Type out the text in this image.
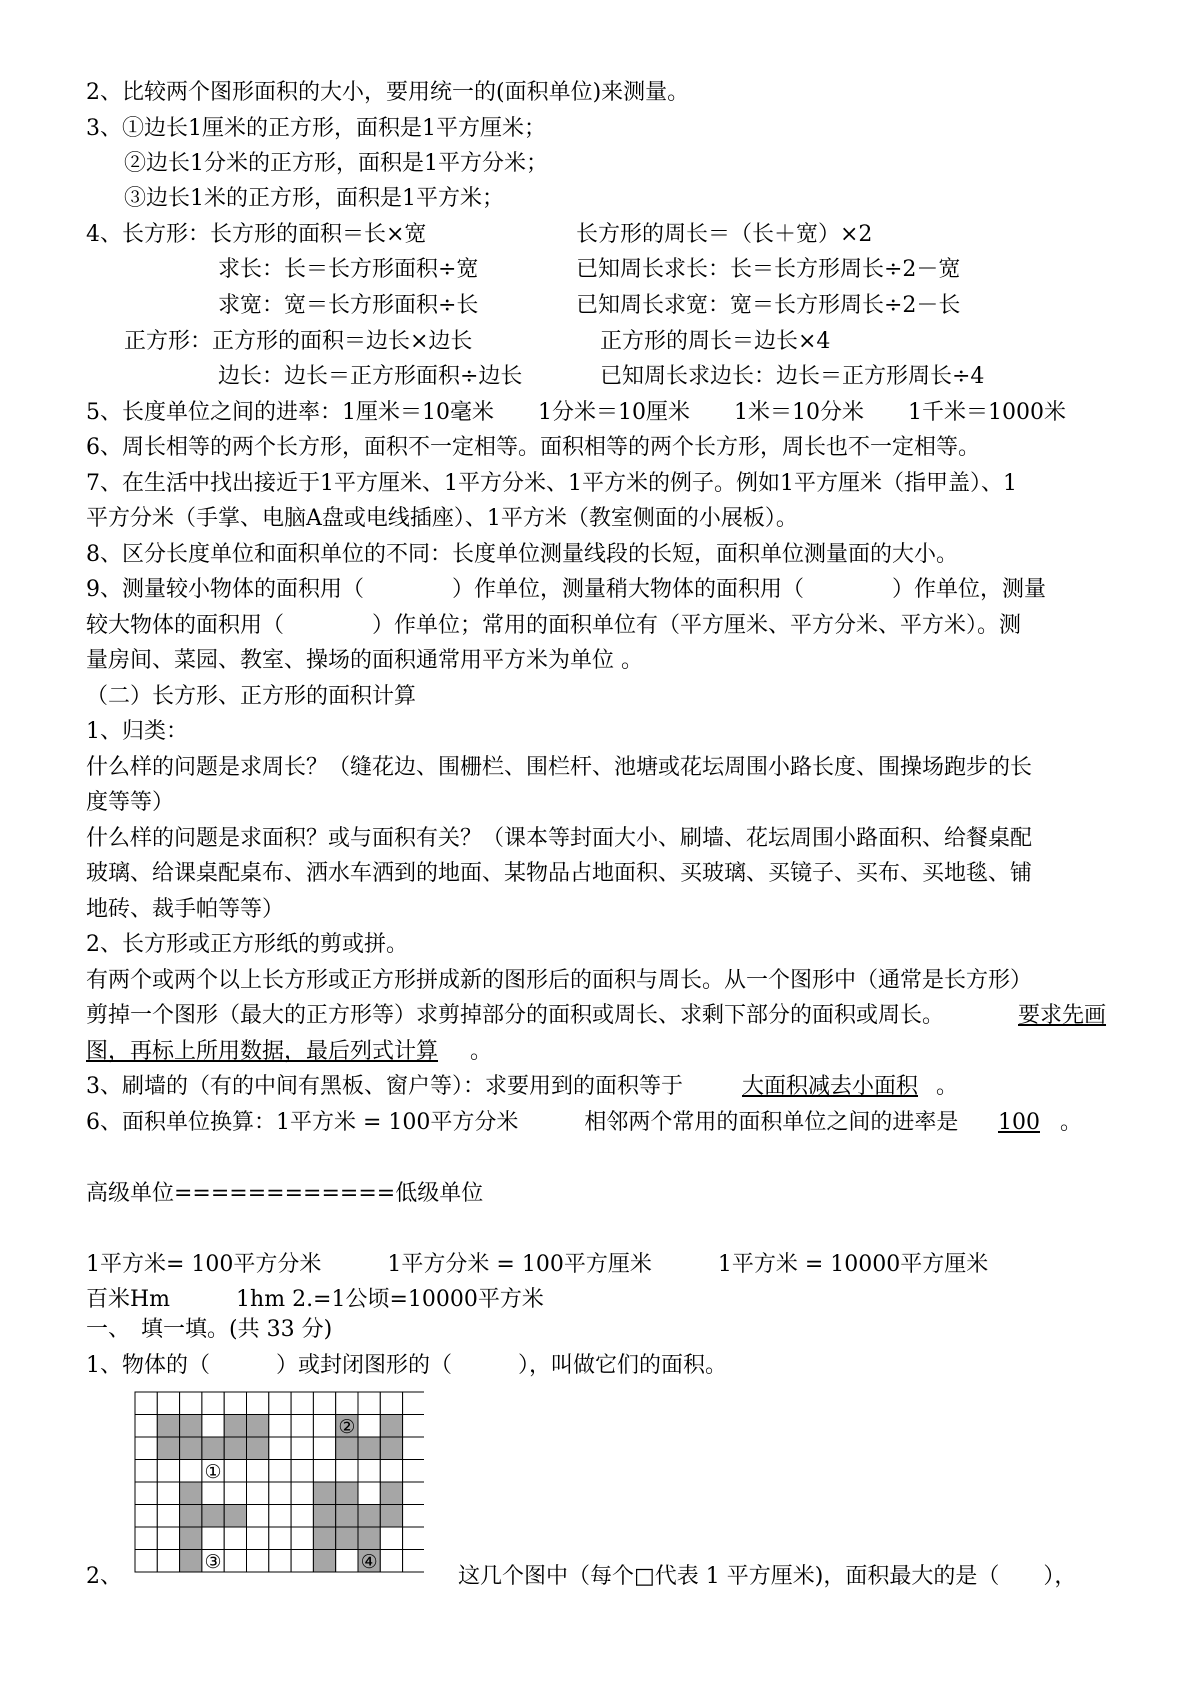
2、比较两个图形面积的大小，要用统一的(面积单位)来测量。
3、①边长1厘米的正方形，面积是1平方厘米；
②边长1分米的正方形，面积是1平方分米；
③边长1米的正方形，面积是1平方米；
4、长方形：长方形的面积＝长×宽	长方形的周长＝（长＋宽）×2
求长：长＝长方形面积÷宽	已知周长求长：长＝长方形周长÷2－宽
求宽：宽＝长方形面积÷长	已知周长求宽：宽＝长方形周长÷2－长
正方形：正方形的面积＝边长×边长	正方形的周长＝边长×4
边长：边长＝正方形面积÷边长	已知周长求边长：边长＝正方形周长÷4
5、长度单位之间的进率：1厘米＝10毫米　　1分米＝10厘米　　1米＝10分米　　1千米＝1000米
6、周长相等的两个长方形，面积不一定相等。面积相等的两个长方形，周长也不一定相等。
7、在生活中找出接近于1平方厘米、1平方分米、1平方米的例子。例如1平方厘米（指甲盖）、1
平方分米（手掌、电脑A盘或电线插座）、1平方米（教室侧面的小展板）。
8、区分长度单位和面积单位的不同：长度单位测量线段的长短，面积单位测量面的大小。
9、测量较小物体的面积用（　　　　）作单位，测量稍大物体的面积用（　　　　）作单位，测量
较大物体的面积用（　　　　）作单位；常用的面积单位有（平方厘米、平方分米、平方米）。测
量房间、菜园、教室、操场的面积通常用平方米为单位 。
（二）长方形、正方形的面积计算
1、归类：
什么样的问题是求周长？（缝花边、围栅栏、围栏杆、池塘或花坛周围小路长度、围操场跑步的长
度等等）
什么样的问题是求面积？或与面积有关？（课本等封面大小、刷墙、花坛周围小路面积、给餐桌配
玻璃、给课桌配桌布、洒水车洒到的地面、某物品占地面积、买玻璃、买镜子、买布、买地毯、铺
地砖、裁手帕等等）
2、长方形或正方形纸的剪或拼。
有两个或两个以上长方形或正方形拼成新的图形后的面积与周长。从一个图形中（通常是长方形）
剪掉一个图形（最大的正方形等）求剪掉部分的面积或周长、求剩下部分的面积或周长。
图，再标上所用数据，最后列式计算 。
3、刷墙的（有的中间有黑板、窗户等）：求要用到的面积等于	大面积减去小面积 。
6、面积单位换算：1平方米 = 100平方分米　　　相邻两个常用的面积单位之间的进率是 100 。
高级单位============低级单位
1平方米= 100平方分米　　　1平方分米 = 100平方厘米　　　1平方米 = 10000平方厘米
百米Hm　　　1hm 2.=1公顷=10000平方米
一、　填一填。(共 33 分)
1、物体的（　　　）或封闭图形的（　　　），叫做它们的面积。
2、	这几个图中（每个□代表 1 平方厘米)，面积最大的是（　　），
要求先画
①
②
③	④
